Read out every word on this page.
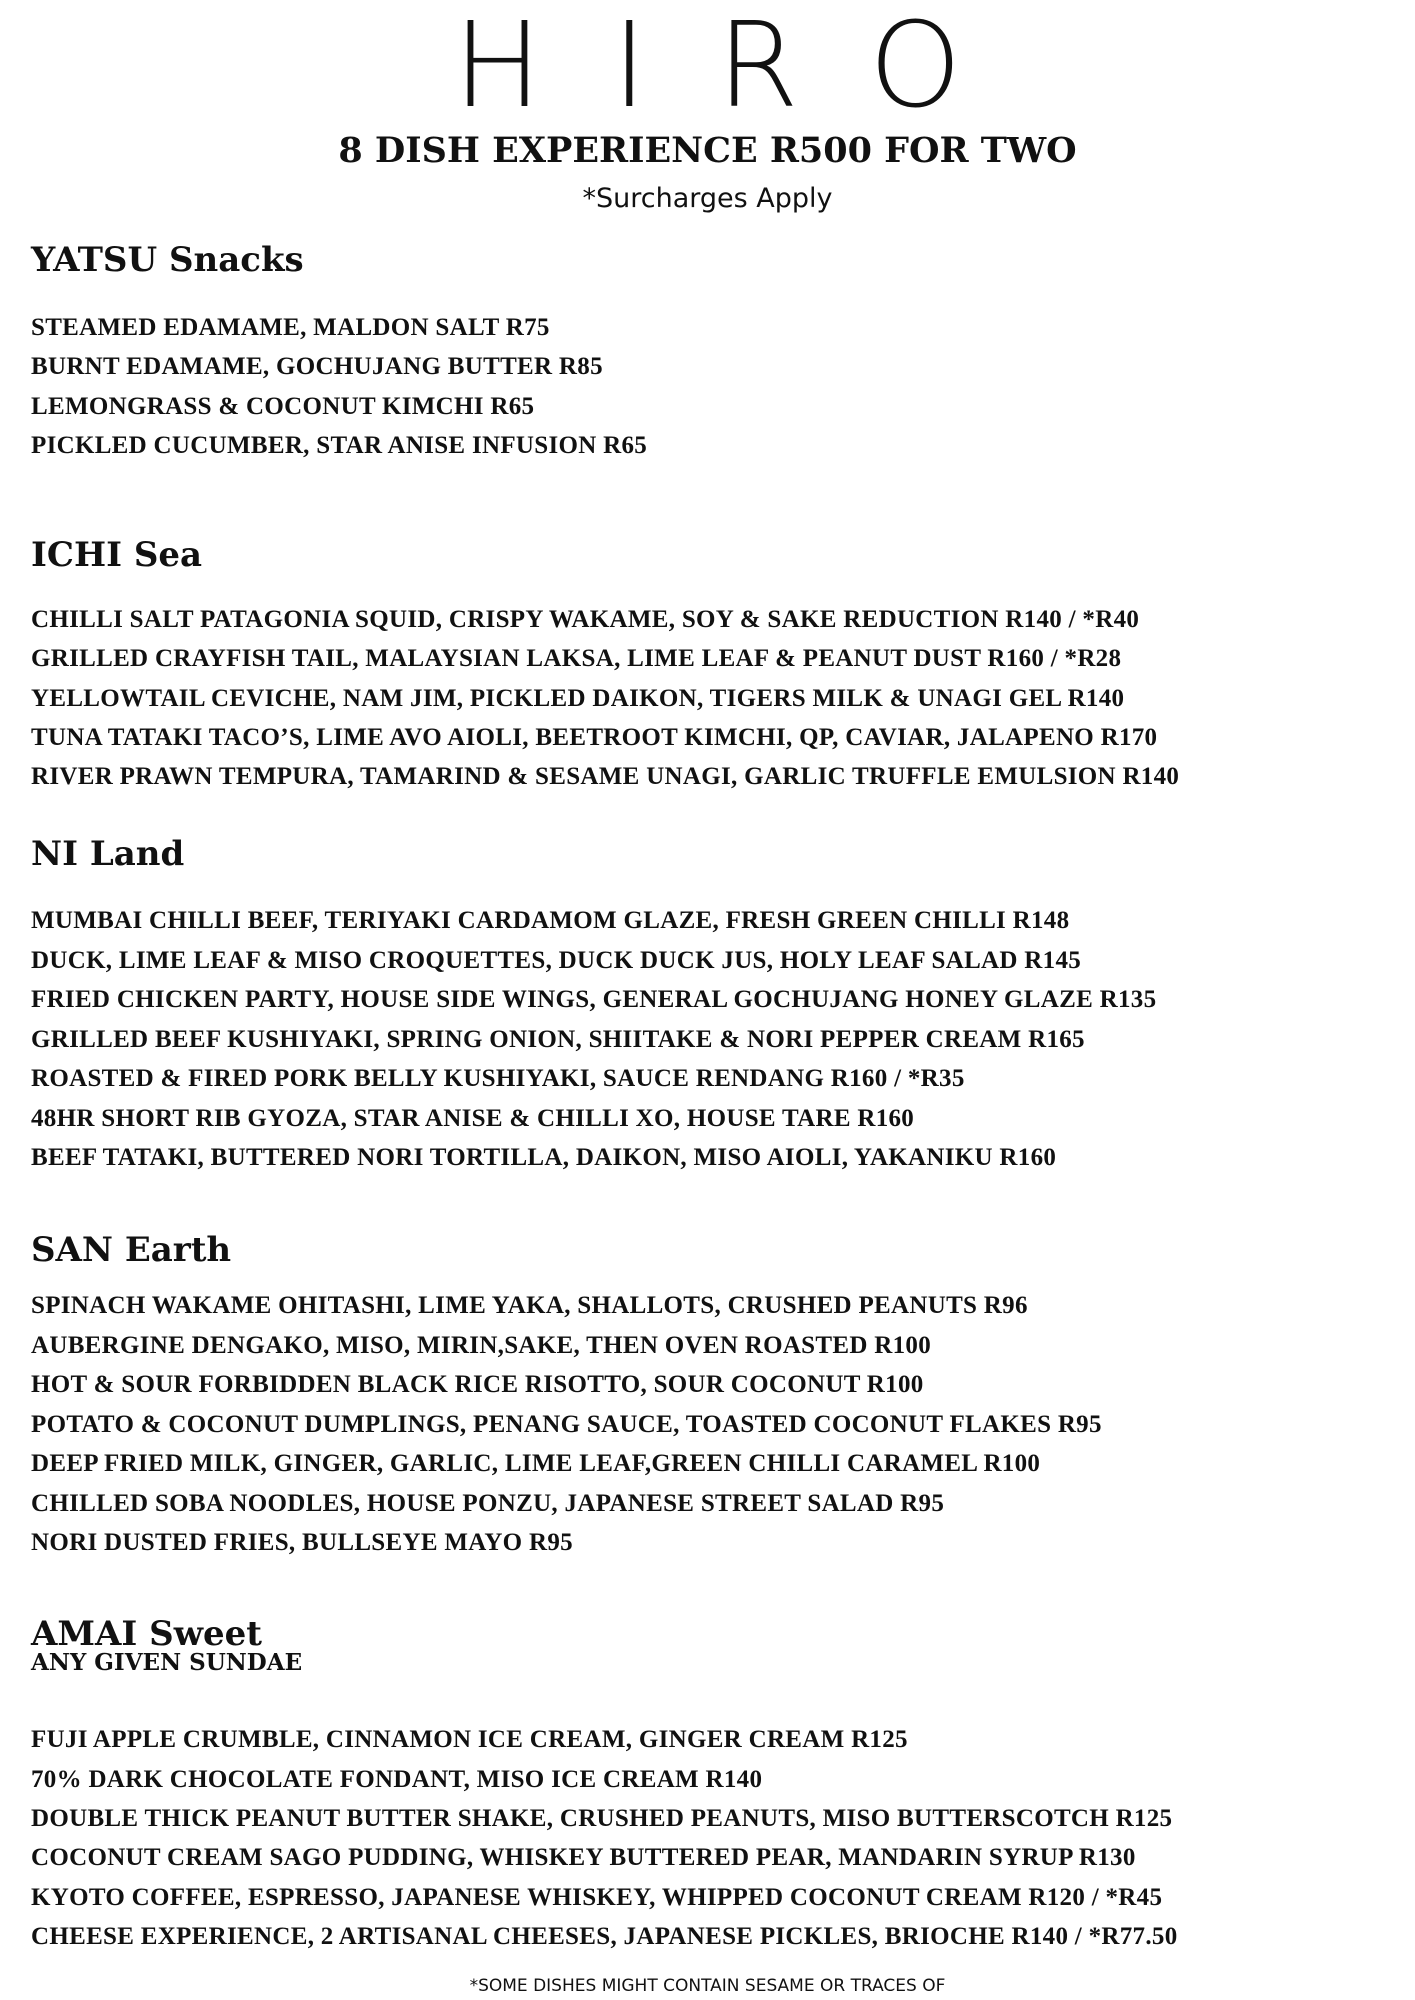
HIRO
8 DISH EXPERIENCE R500 FOR TWO
*Surcharges Apply
YATSU Snacks
STEAMED EDAMAME, MALDON SALT R75
BURNT EDAMAME, GOCHUJANG BUTTER R85
LEMONGRASS & COCONUT KIMCHI R65
PICKLED CUCUMBER, STAR ANISE INFUSION R65
ICHI Sea
CHILLI SALT PATAGONIA SQUID, CRISPY WAKAME, SOY & SAKE REDUCTION R140 / *R40
GRILLED CRAYFISH TAIL, MALAYSIAN LAKSA, LIME LEAF & PEANUT DUST R160 / *R28
YELLOWTAIL CEVICHE, NAM JIM, PICKLED DAIKON, TIGERS MILK & UNAGI GEL R140
TUNA TATAKI TACO’S, LIME AVO AIOLI, BEETROOT KIMCHI, QP, CAVIAR, JALAPENO R170
RIVER PRAWN TEMPURA, TAMARIND & SESAME UNAGI, GARLIC TRUFFLE EMULSION R140
NI Land
MUMBAI CHILLI BEEF, TERIYAKI CARDAMOM GLAZE, FRESH GREEN CHILLI R148
DUCK, LIME LEAF & MISO CROQUETTES, DUCK DUCK JUS, HOLY LEAF SALAD R145
FRIED CHICKEN PARTY, HOUSE SIDE WINGS, GENERAL GOCHUJANG HONEY GLAZE R135
GRILLED BEEF KUSHIYAKI, SPRING ONION, SHIITAKE & NORI PEPPER CREAM R165
ROASTED & FIRED PORK BELLY KUSHIYAKI, SAUCE RENDANG R160 / *R35
48HR SHORT RIB GYOZA, STAR ANISE & CHILLI XO, HOUSE TARE R160
BEEF TATAKI, BUTTERED NORI TORTILLA, DAIKON, MISO AIOLI, YAKANIKU R160
SAN Earth
SPINACH WAKAME OHITASHI, LIME YAKA, SHALLOTS, CRUSHED PEANUTS R96
AUBERGINE DENGAKO, MISO, MIRIN,SAKE, THEN OVEN ROASTED R100
HOT & SOUR FORBIDDEN BLACK RICE RISOTTO, SOUR COCONUT R100
POTATO & COCONUT DUMPLINGS, PENANG SAUCE, TOASTED COCONUT FLAKES R95
DEEP FRIED MILK, GINGER, GARLIC, LIME LEAF,GREEN CHILLI CARAMEL R100
CHILLED SOBA NOODLES, HOUSE PONZU, JAPANESE STREET SALAD R95
NORI DUSTED FRIES, BULLSEYE MAYO R95
AMAI Sweet
ANY GIVEN SUNDAE
FUJI APPLE CRUMBLE, CINNAMON ICE CREAM, GINGER CREAM R125
70% DARK CHOCOLATE FONDANT, MISO ICE CREAM R140
DOUBLE THICK PEANUT BUTTER SHAKE, CRUSHED PEANUTS, MISO BUTTERSCOTCH R125
COCONUT CREAM SAGO PUDDING, WHISKEY BUTTERED PEAR, MANDARIN SYRUP R130
KYOTO COFFEE, ESPRESSO, JAPANESE WHISKEY, WHIPPED COCONUT CREAM R120 / *R45
CHEESE EXPERIENCE, 2 ARTISANAL CHEESES, JAPANESE PICKLES, BRIOCHE R140 / *R77.50
*SOME DISHES MIGHT CONTAIN SESAME OR TRACES OF
